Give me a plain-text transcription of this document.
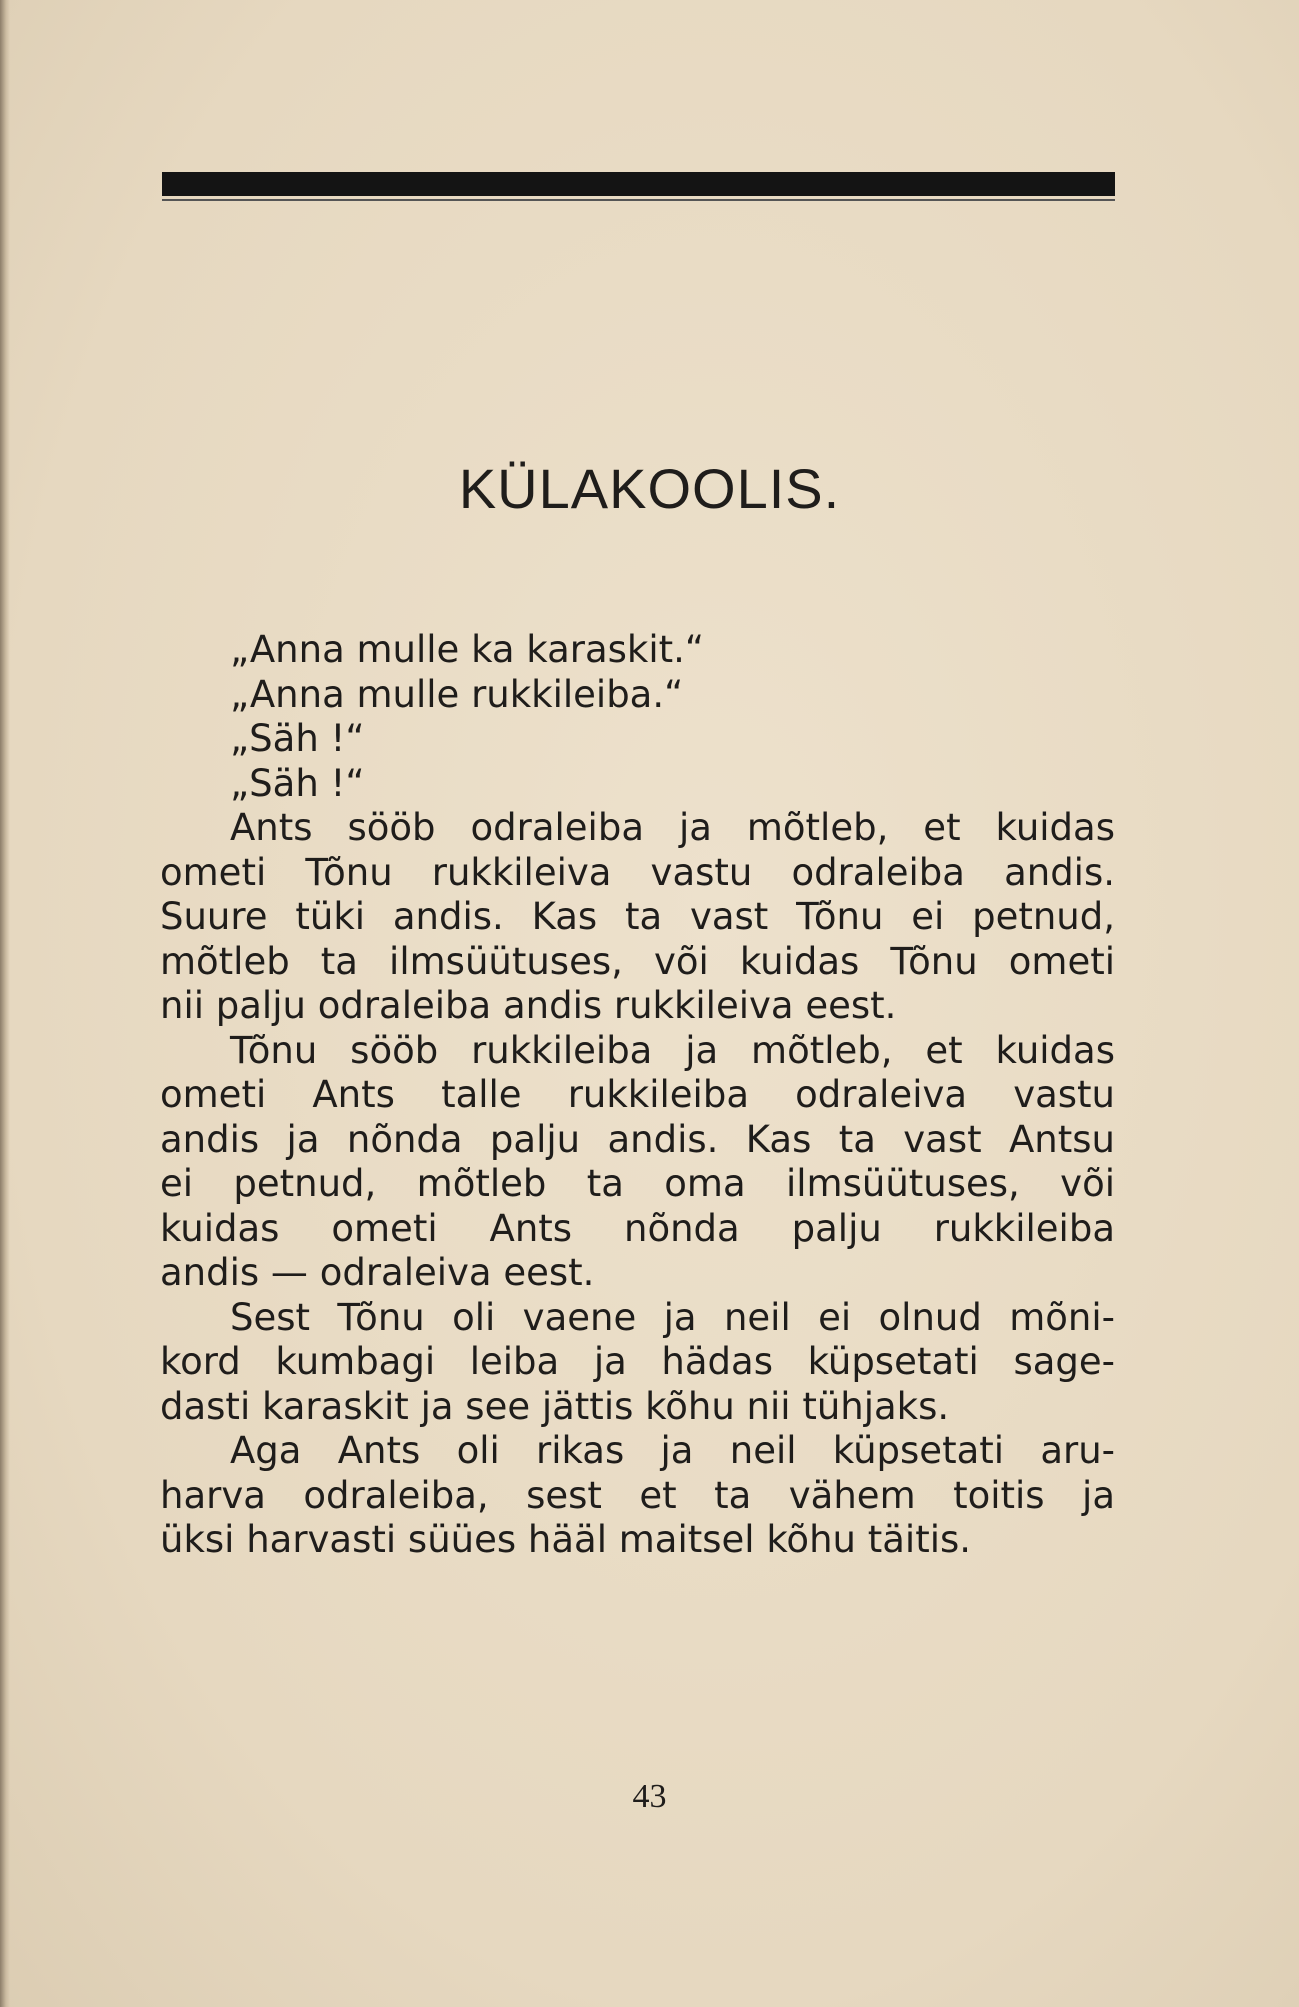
KÜLAKOOLIS.
„Anna mulle ka karaskit.“
„Anna mulle rukkileiba.“
„Säh !“
„Säh !“
Ants sööb odraleiba ja mõtleb, et kuidas
ometi Tõnu rukkileiva vastu odraleiba andis.
Suure tüki andis. Kas ta vast Tõnu ei petnud,
mõtleb ta ilmsüütuses, või kuidas Tõnu ometi
nii palju odraleiba andis rukkileiva eest.
Tõnu sööb rukkileiba ja mõtleb, et kuidas
ometi Ants talle rukkileiba odraleiva vastu
andis ja nõnda palju andis. Kas ta vast Antsu
ei petnud, mõtleb ta oma ilmsüütuses, või
kuidas ometi Ants nõnda palju rukkileiba
andis — odraleiva eest.
Sest Tõnu oli vaene ja neil ei olnud mõni-
kord kumbagi leiba ja hädas küpsetati sage-
dasti karaskit ja see jättis kõhu nii tühjaks.
Aga Ants oli rikas ja neil küpsetati aru-
harva odraleiba, sest et ta vähem toitis ja
üksi harvasti süües hääl maitsel kõhu täitis.
43
